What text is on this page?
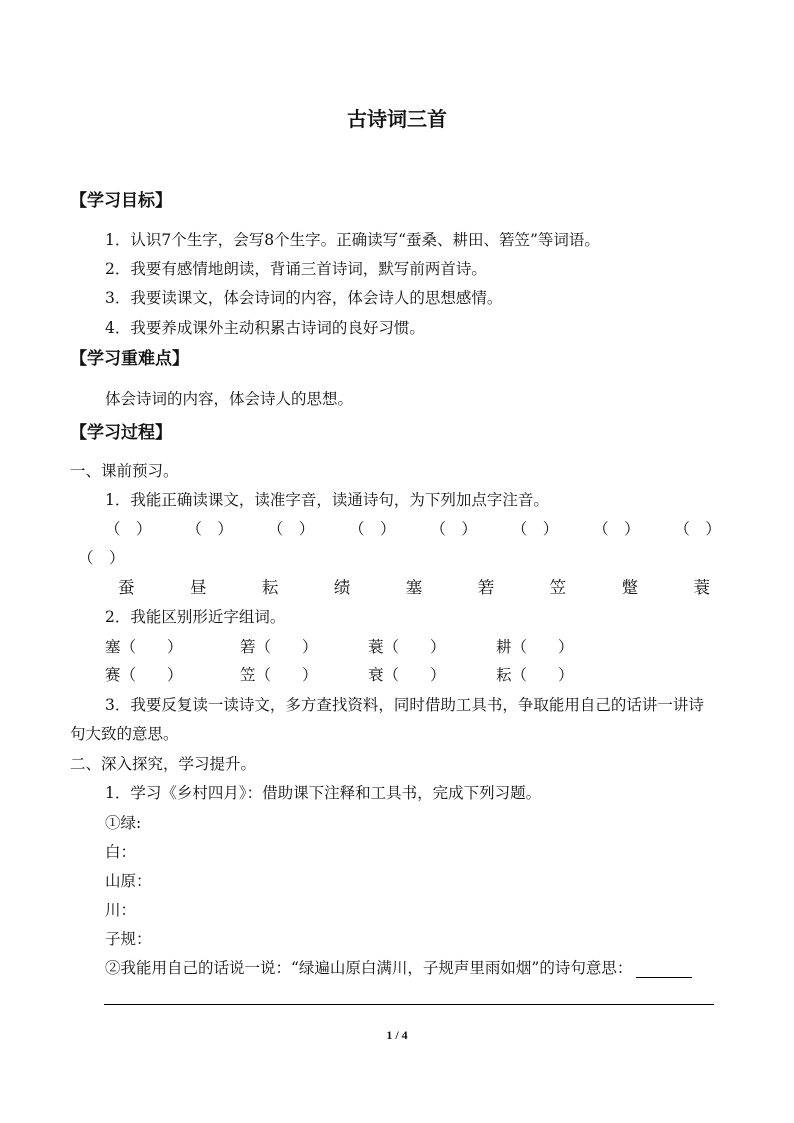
古诗词三首
【学习目标】
1．认识7个生字，会写8个生字。正确读写“蚕桑、耕田、箬笠”等词语。
2．我要有感情地朗读，背诵三首诗词，默写前两首诗。
3．我要读课文，体会诗词的内容，体会诗人的思想感情。
4．我要养成课外主动积累古诗词的良好习惯。
【学习重难点】
体会诗词的内容，体会诗人的思想。
【学习过程】
一、课前预习。
1．我能正确读课文，读准字音，读通诗句，为下列加点字注音。
（　） （　） （　） （　） （　） （　） （　） （　）
（　）
蚕	昼	耘	绩	塞	箬	笠	蹩	蓑
2．我能区别形近字组词。
塞（　　）	箬（　　）	蓑（　　）	耕（　　）
赛（　　）	笠（　　）	衰（　　）	耘（　　）
3．我要反复读一读诗文，多方查找资料，同时借助工具书，争取能用自己的话讲一讲诗
句大致的意思。
二、深入探究，学习提升。
1．学习《乡村四月》：借助课下注释和工具书，完成下列习题。
①绿:
白：
山原：
川：
子规：
②我能用自己的话说一说：“绿遍山原白满川，子规声里雨如烟”的诗句意思：
1 / 4
